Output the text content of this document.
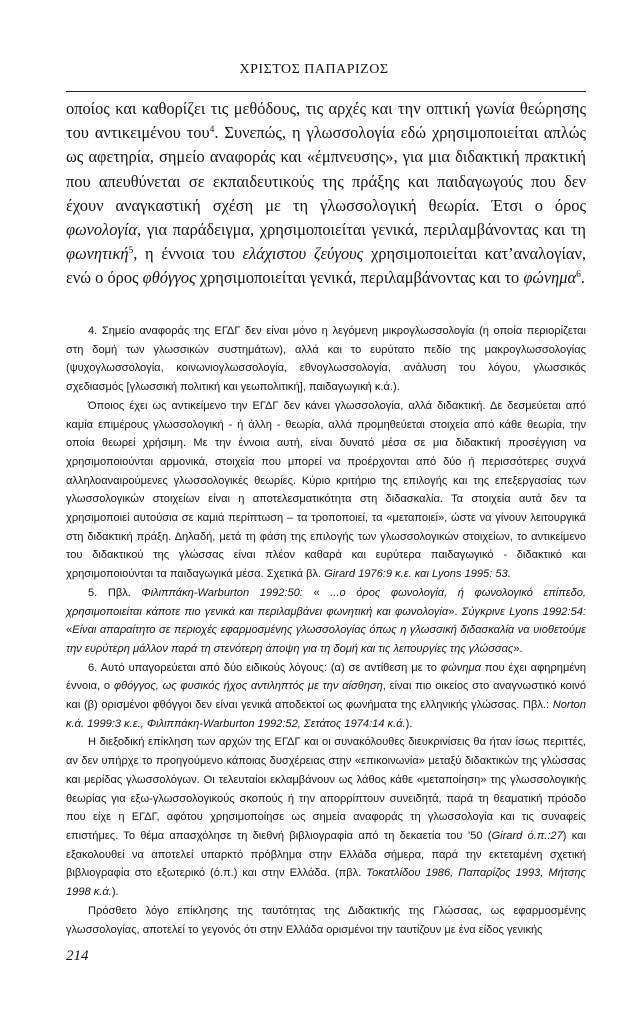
ΧΡΙΣΤΟΣ ΠΑΠΑΡΙΖΟΣ

οποίος και καθορίζει τις μεθόδους, τις αρχές και την οπτική γωνία θεώρησης του αντικειμένου του$^4$. Συνεπώς, η γλωσσολογία εδώ χρησιμοποιείται απλώς ως αφετηρία, σημείο αναφοράς και «έμπνευσης», για μια διδακτική πρακτική που απευθύνεται σε εκπαιδευτικούς της πράξης και παιδαγωγούς που δεν έχουν αναγκαστική σχέση με τη γλωσσολογική θεωρία. Έτσι ο όρος φωνολογία, για παράδειγμα, χρησιμοποιείται γενικά, περιλαμβάνοντας και τη φωνητική$^5$, η έννοια του ελάχιστου ζεύγους χρησιμοποιείται κατ’αναλογίαν, ενώ ο όρος φθόγγος χρησιμοποιείται γενικά, περιλαμβάνοντας και το φώνημα$^6$.

4. Σημείο αναφοράς της ΕΓΔΓ δεν είναι μόνο η λεγόμενη μικρογλωσσολογία (η οποία περιορίζεται στη δομή των γλωσσικών συστημάτων), αλλά και το ευρύτατο πεδίο της μακρογλωσσολογίας (ψυχογλωσσολογία, κοινωνιογλωσσολογία, εθνογλωσσολογία, ανάλυση του λόγου, γλωσσικός σχεδιασμός [γλωσσική πολιτική και γεωπολιτική], παιδαγωγική κ.ά.).

Όποιος έχει ως αντικείμενο την ΕΓΔΓ δεν κάνει γλωσσολογία, αλλά διδακτική. Δε δεσμεύεται από καμία επιμέρους γλωσσολογική - ή άλλη - θεωρία, αλλά προμηθεύεται στοιχεία από κάθε θεωρία, την οποία θεωρεί χρήσιμη. Με την έννοια αυτή, είναι δυνατό μέσα σε μια διδακτική προσέγγιση να χρησιμοποιούνται αρμονικά, στοιχεία που μπορεί να προέρχονται από δύο ή περισσότερες συχνά αλληλοαναιρούμενες γλωσσολογικές θεωρίες. Κύριο κριτήριο της επιλογής και της επεξεργασίας των γλωσσολογικών στοιχείων είναι η αποτελεσματικότητα στη διδασκαλία. Τα στοιχεία αυτά δεν τα χρησιμοποιεί αυτούσια σε καμιά περίπτωση – τα τροποποιεί, τα «μεταποιεί», ώστε να γίνουν λειτουργικά στη διδακτική πράξη. Δηλαδή, μετά τη φάση της επιλογής των γλωσσολογικών στοιχείων, το αντικείμενο του διδακτικού της γλώσσας είναι πλέον καθαρά και ευρύτερα παιδαγωγικό - διδακτικό και χρησιμοποιούνται τα παιδαγωγικά μέσα. Σχετικά βλ. Girard 1976:9 κ.ε. και Lyons 1995: 53.

5. Πβλ. Φιλιππάκη-Warburton 1992:50: « ...ο όρος φωνολογία, ή φωνολογικό επίπεδο, χρησιμοποιείται κάποτε πιο γενικά και περιλαμβάνει φωνητική και φωνολογία». Σύγκρινε Lyons 1992:54: «Είναι απαραίτητο σε περιοχές εφαρμοσμένης γλωσσολογίας όπως η γλωσσική διδασκαλία να υιοθετούμε την ευρύτερη μάλλον παρά τη στενότερη άποψη για τη δομή και τις λειτουργίες της γλώσσας».

6. Αυτό υπαγορεύεται από δύο ειδικούς λόγους: (α) σε αντίθεση με το φώνημα που έχει αφηρημένη έννοια, ο φθόγγος, ως φυσικός ήχος αντιληπτός με την αίσθηση, είναι πιο οικείος στο αναγνωστικό κοινό και (β) ορισμένοι φθόγγοι δεν είναι γενικά αποδεκτοί ως φωνήματα της ελληνικής γλώσσας. Πβλ.: Norton κ.ά. 1999:3 κ.ε., Φιλιππάκη-Warburton 1992:52, Σετάτος 1974:14 κ.ά.).

Η διεξοδική επίκληση των αρχών της ΕΓΔΓ και οι συνακόλουθες διευκρινίσεις θα ήταν ίσως περιττές, αν δεν υπήρχε το προηγούμενο κάποιας δυσχέρειας στην «επικοινωνία» μεταξύ διδακτικών της γλώσσας και μερίδας γλωσσολόγων. Οι τελευταίοι εκλαμβάνουν ως λάθος κάθε «μεταποίηση» της γλωσσολογικής θεωρίας για εξω-γλωσσολογικούς σκοπούς ή την απορρίπτουν συνειδητά, παρά τη θεαματική πρόοδο που είχε η ΕΓΔΓ, αφότου χρησιμοποίησε ως σημεία αναφοράς τη γλωσσολογία και τις συναφείς επιστήμες. Το θέμα απασχόλησε τη διεθνή βιβλιογραφία από τη δεκαετία του ’50 (Girard ό.π.:27) και εξακολουθεί να αποτελεί υπαρκτό πρόβλημα στην Ελλάδα σήμερα, παρά την εκτεταμένη σχετική βιβλιογραφία στο εξωτερικό (ό.π.) και στην Ελλάδα. (πβλ. Τοκατλίδου 1986, Παπαρίζος 1993, Μήτσης 1998 κ.ά.).

Πρόσθετο λόγο επίκλησης της ταυτότητας της Διδακτικής της Γλώσσας, ως εφαρμοσμένης γλωσσολογίας, αποτελεί το γεγονός ότι στην Ελλάδα ορισμένοι την ταυτίζουν με ένα είδος γενικής

214
